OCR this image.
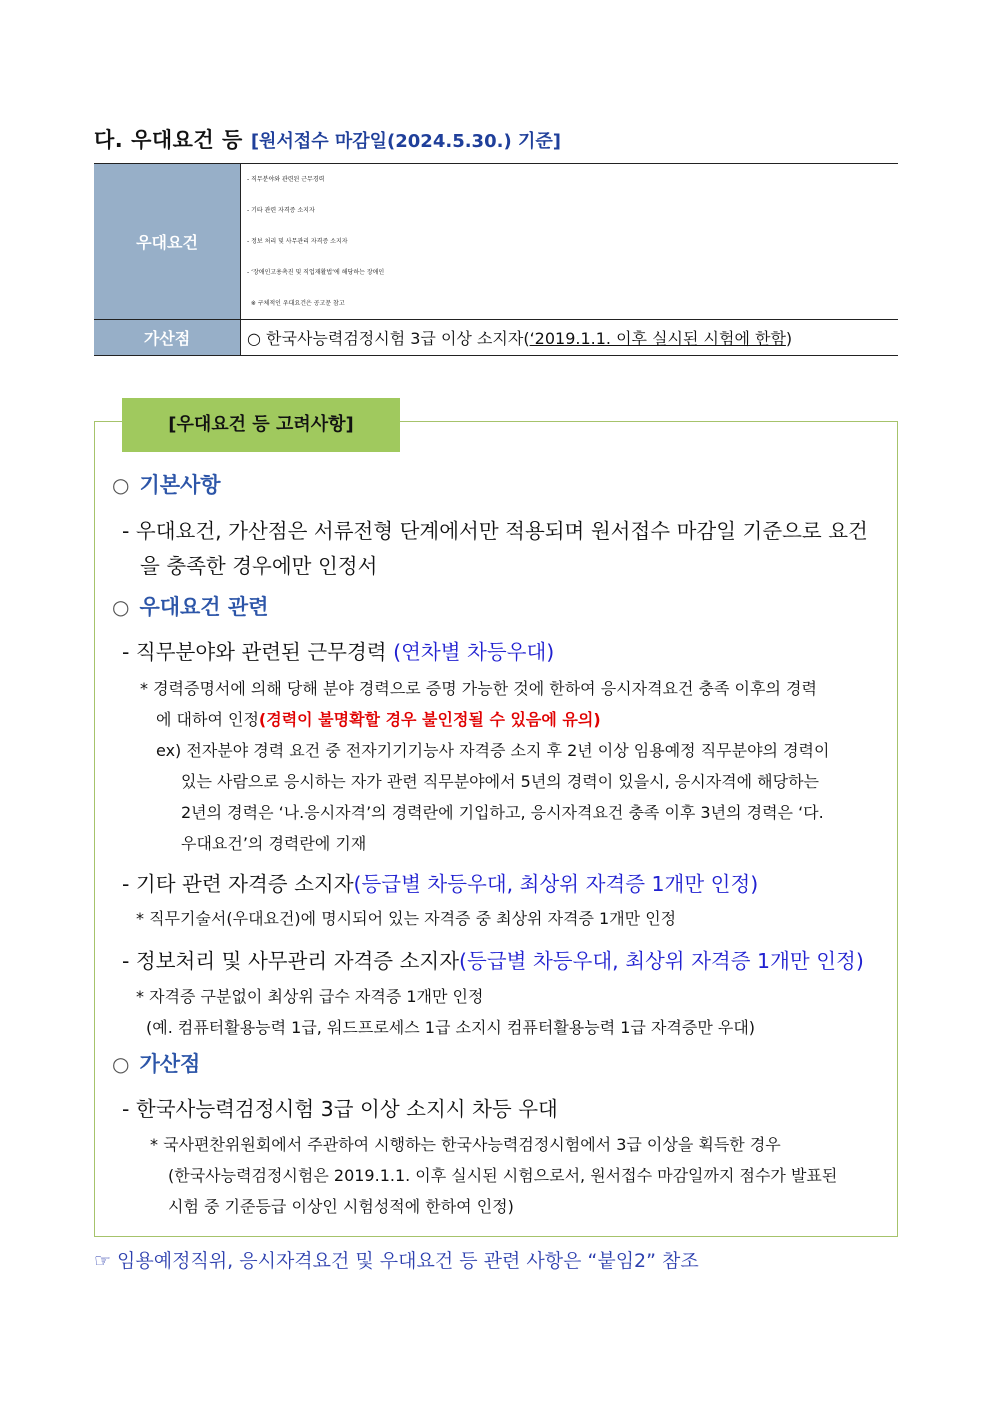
다. 우대요건 등 [원서접수 마감일(2024.5.30.) 기준]
우대요건	- 직무분야와 관련된 근무경력
- 기타 관련 자격증 소지자
- 정보 처리 및 사무관리 자격증 소지자
- ‘장애인고용촉진 및 직업재활법’에 해당하는 장애인
※ 구체적인 우대요건은 공고문 참고

가산점	○ 한국사능력검정시험 3급 이상 소지자(‘2019.1.1. 이후 실시된 시험에 한함)
[우대요건 등 고려사항]
○ 기본사항
- 우대요건, 가산점은 서류전형 단계에서만 적용되며 원서접수 마감일 기준으로 요건
을 충족한 경우에만 인정서
○ 우대요건 관련
- 직무분야와 관련된 근무경력 (연차별 차등우대)
* 경력증명서에 의해 당해 분야 경력으로 증명 가능한 것에 한하여 응시자격요건 충족 이후의 경력
에 대하여 인정(경력이 불명확할 경우 불인정될 수 있음에 유의)
ex) 전자분야 경력 요건 중 전자기기기능사 자격증 소지 후 2년 이상 임용예정 직무분야의 경력이
있는 사람으로 응시하는 자가 관련 직무분야에서 5년의 경력이 있을시, 응시자격에 해당하는
2년의 경력은 ‘나.응시자격’의 경력란에 기입하고, 응시자격요건 충족 이후 3년의 경력은 ‘다.
우대요건’의 경력란에 기재
- 기타 관련 자격증 소지자(등급별 차등우대, 최상위 자격증 1개만 인정)
* 직무기술서(우대요건)에 명시되어 있는 자격증 중 최상위 자격증 1개만 인정
- 정보처리 및 사무관리 자격증 소지자(등급별 차등우대, 최상위 자격증 1개만 인정)
* 자격증 구분없이 최상위 급수 자격증 1개만 인정
(예. 컴퓨터활용능력 1급, 워드프로세스 1급 소지시 컴퓨터활용능력 1급 자격증만 우대)
○ 가산점
- 한국사능력검정시험 3급 이상 소지시 차등 우대
* 국사편찬위원회에서 주관하여 시행하는 한국사능력검정시험에서 3급 이상을 획득한 경우
(한국사능력검정시험은 2019.1.1. 이후 실시된 시험으로서, 원서접수 마감일까지 점수가 발표된
시험 중 기준등급 이상인 시험성적에 한하여 인정)
☞ 임용예정직위, 응시자격요건 및 우대요건 등 관련 사항은 “붙임2” 참조
